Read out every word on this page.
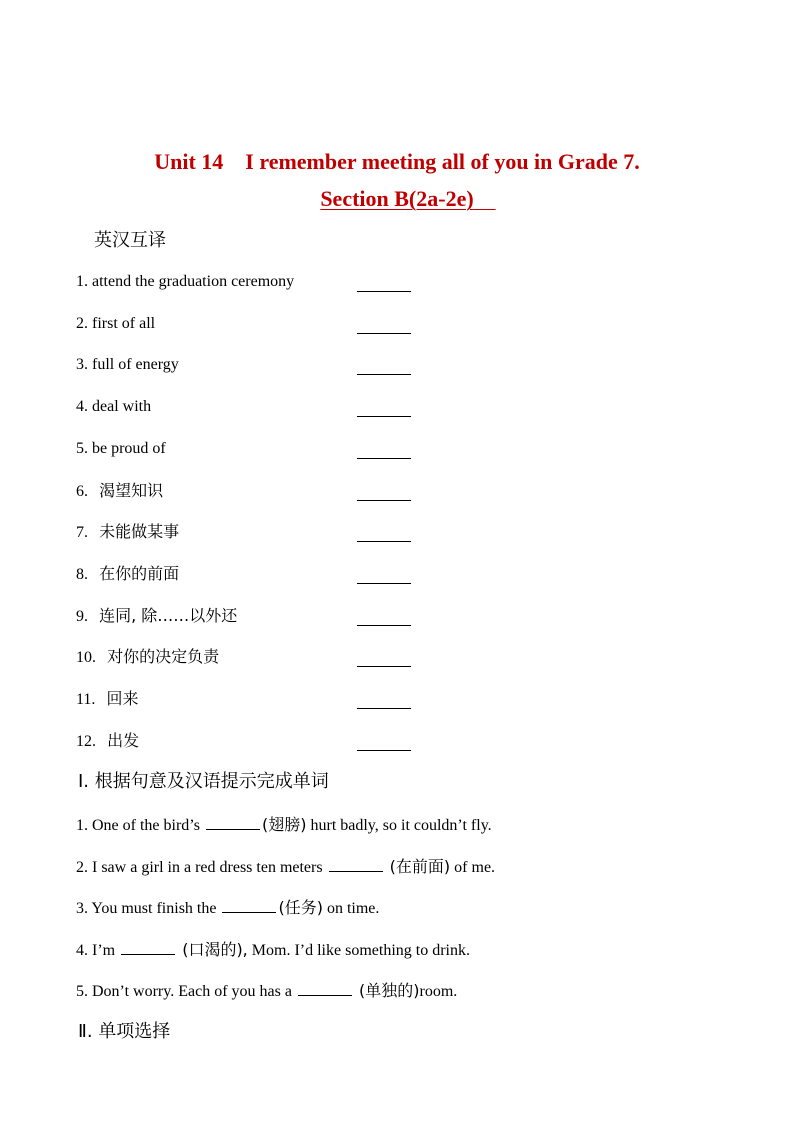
Unit 14　I remember meeting all of you in Grade 7.
Section B(2a-2e)
英汉互译
1. attend the graduation ceremony
2. first of all
3. full of energy
4. deal with
5. be proud of
6. 渴望知识
7. 未能做某事
8. 在你的前面
9. 连同, 除……以外还
10. 对你的决定负责
11. 回来
12. 出发
Ⅰ. 根据句意及汉语提示完成单词
1. One of the bird’s	(翅膀) hurt badly, so it couldn’t fly.
2. I saw a girl in a red dress ten meters	(在前面) of me.
3. You must finish the	(任务) on time.
4. I’m	(口渴的), Mom. I’d like something to drink.
5. Don’t worry. Each of you has a	(单独的)room.
Ⅱ. 单项选择
